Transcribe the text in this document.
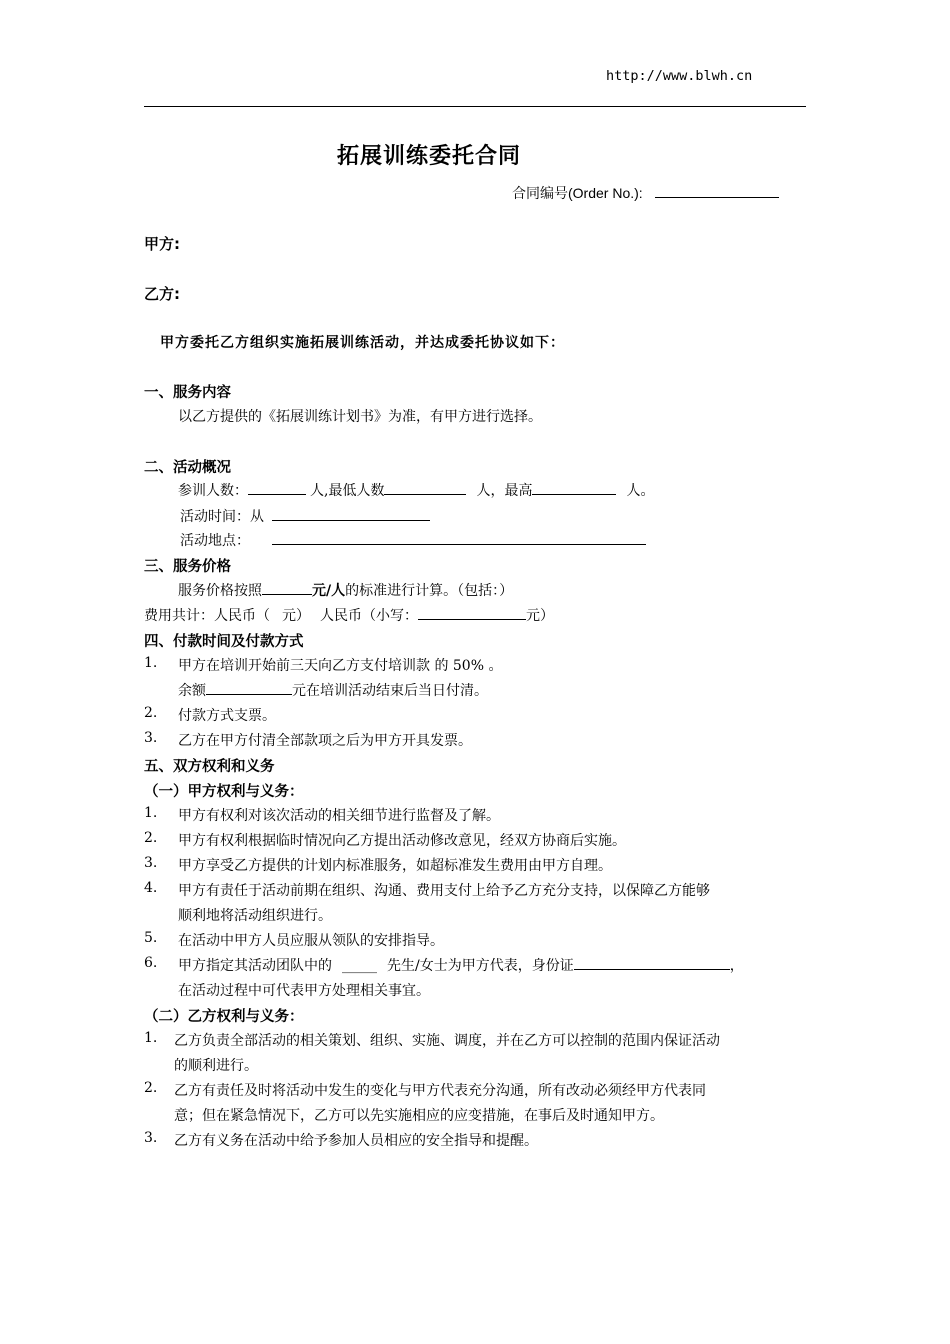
http://www.blwh.cn
拓展训练委托合同
合同编号(Order No.):
甲方:
乙方:
甲方委托乙方组织实施拓展训练活动，并达成委托协议如下：
一、服务内容
以乙方提供的《拓展训练计划书》为准，有甲方进行选择。
二、活动概况
参训人数：	人,最低人数	人，最高	人。
活动时间：从
活动地点：
三、服务价格
服务价格按照	元/人的标准进行计算。（包括：）
费用共计：人民币（ 元） 人民币（小写：	元）
四、付款时间及付款方式
1. 甲方在培训开始前三天向乙方支付培训款 的 50% 。
余额	元在培训活动结束后当日付清。
2. 付款方式支票。
3. 乙方在甲方付清全部款项之后为甲方开具发票。
五、双方权利和义务
（一）甲方权利与义务：
1. 甲方有权利对该次活动的相关细节进行监督及了解。
2. 甲方有权利根据临时情况向乙方提出活动修改意见，经双方协商后实施。
3. 甲方享受乙方提供的计划内标准服务，如超标准发生费用由甲方自理。
4. 甲方有责任于活动前期在组织、沟通、费用支付上给予乙方充分支持，以保障乙方能够
顺利地将活动组织进行。
5. 在活动中甲方人员应服从领队的安排指导。
6. 甲方指定其活动团队中的 _____ 先生/女士为甲方代表，身份证	，
在活动过程中可代表甲方处理相关事宜。
（二）乙方权利与义务：
1. 乙方负责全部活动的相关策划、组织、实施、调度，并在乙方可以控制的范围内保证活动
的顺利进行。
2. 乙方有责任及时将活动中发生的变化与甲方代表充分沟通，所有改动必须经甲方代表同
意；但在紧急情况下，乙方可以先实施相应的应变措施，在事后及时通知甲方。
3. 乙方有义务在活动中给予参加人员相应的安全指导和提醒。
